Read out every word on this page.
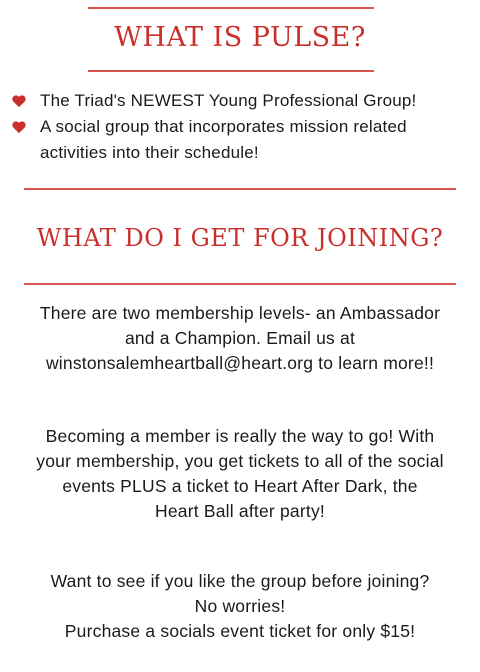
WHAT IS PULSE?
The Triad's NEWEST Young Professional Group!
A social group that incorporates mission related
activities into their schedule!
WHAT DO I GET FOR JOINING?

There are two membership levels- an Ambassador
and a Champion. Email us at
winstonsalemheartball@heart.org to learn more!!

Becoming a member is really the way to go! With
your membership, you get tickets to all of the social
events PLUS a ticket to Heart After Dark, the
Heart Ball after party!

Want to see if you like the group before joining?
No worries!
Purchase a socials event ticket for only $15!
